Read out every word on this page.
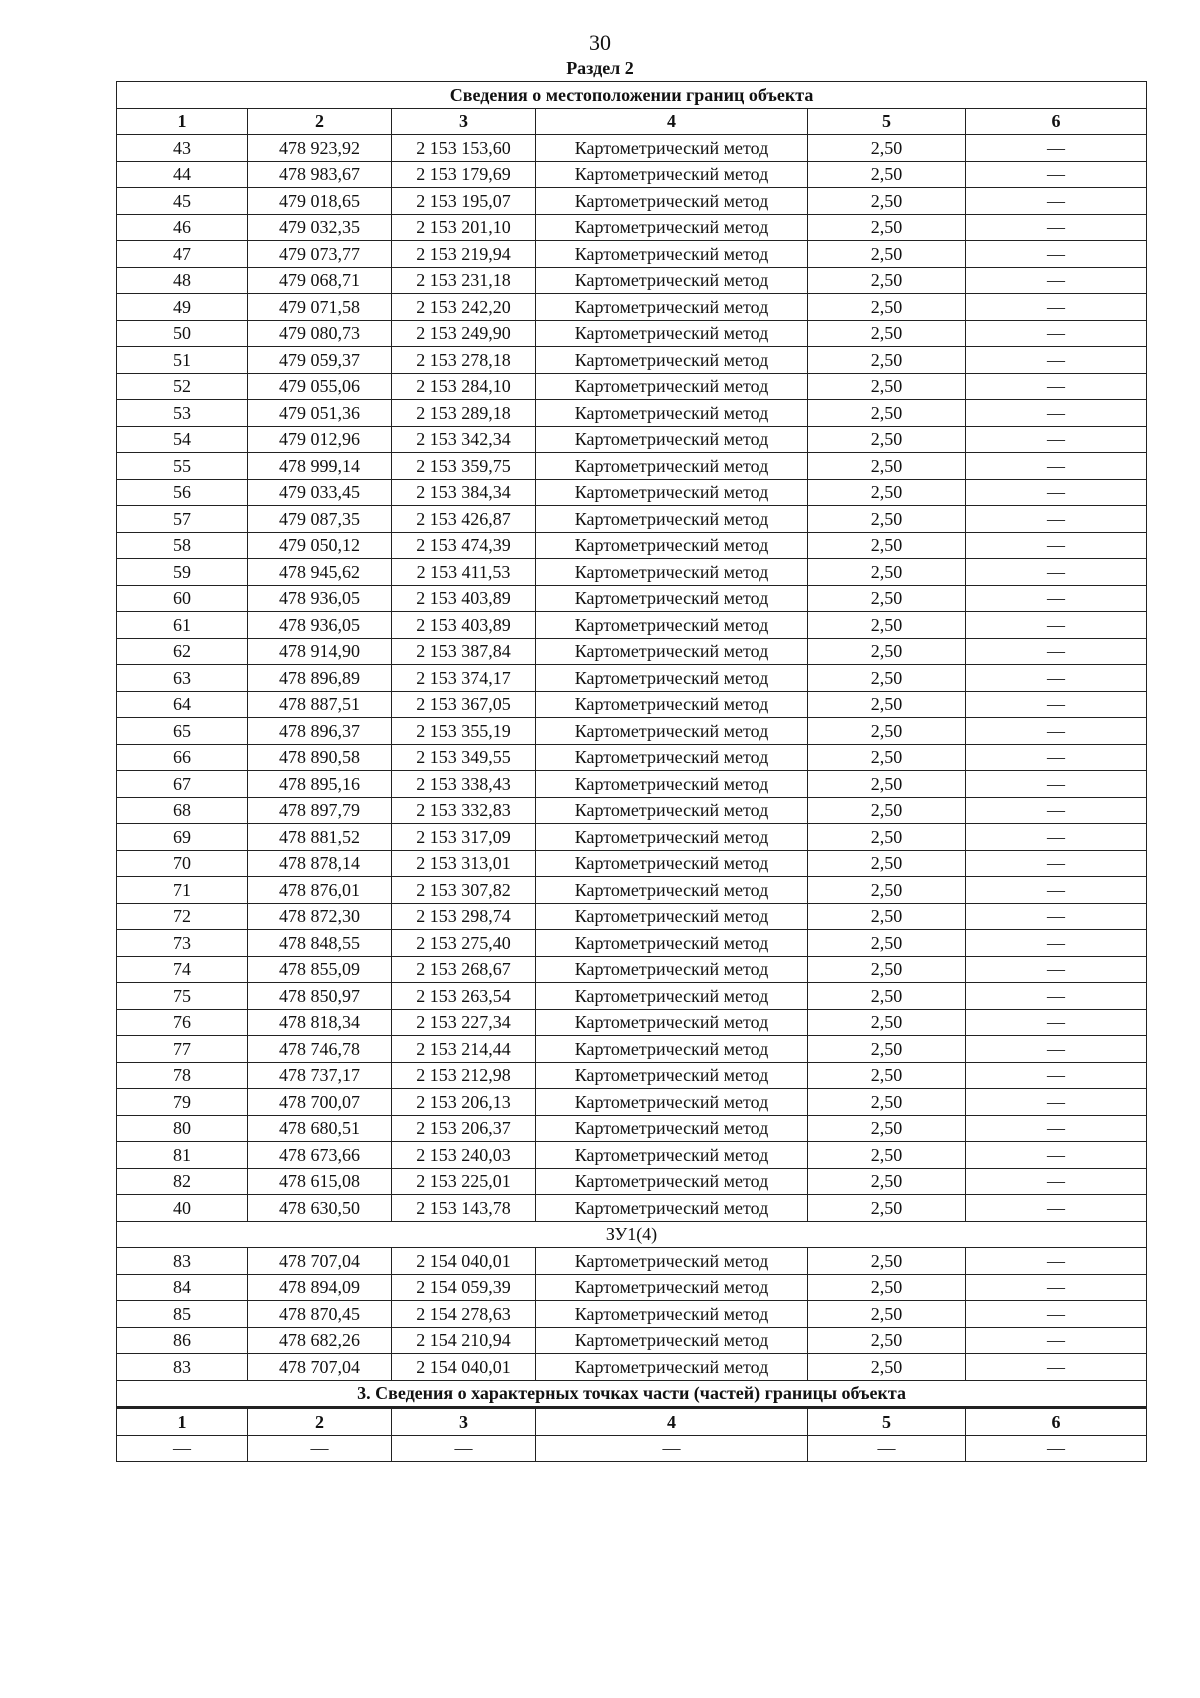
30
Раздел 2
Сведения о местоположении границ объекта					
1	2	3	4	5	6
43	478 923,92	2 153 153,60	Картометрический метод	2,50	—
44	478 983,67	2 153 179,69	Картометрический метод	2,50	—
45	479 018,65	2 153 195,07	Картометрический метод	2,50	—
46	479 032,35	2 153 201,10	Картометрический метод	2,50	—
47	479 073,77	2 153 219,94	Картометрический метод	2,50	—
48	479 068,71	2 153 231,18	Картометрический метод	2,50	—
49	479 071,58	2 153 242,20	Картометрический метод	2,50	—
50	479 080,73	2 153 249,90	Картометрический метод	2,50	—
51	479 059,37	2 153 278,18	Картометрический метод	2,50	—
52	479 055,06	2 153 284,10	Картометрический метод	2,50	—
53	479 051,36	2 153 289,18	Картометрический метод	2,50	—
54	479 012,96	2 153 342,34	Картометрический метод	2,50	—
55	478 999,14	2 153 359,75	Картометрический метод	2,50	—
56	479 033,45	2 153 384,34	Картометрический метод	2,50	—
57	479 087,35	2 153 426,87	Картометрический метод	2,50	—
58	479 050,12	2 153 474,39	Картометрический метод	2,50	—
59	478 945,62	2 153 411,53	Картометрический метод	2,50	—
60	478 936,05	2 153 403,89	Картометрический метод	2,50	—
61	478 936,05	2 153 403,89	Картометрический метод	2,50	—
62	478 914,90	2 153 387,84	Картометрический метод	2,50	—
63	478 896,89	2 153 374,17	Картометрический метод	2,50	—
64	478 887,51	2 153 367,05	Картометрический метод	2,50	—
65	478 896,37	2 153 355,19	Картометрический метод	2,50	—
66	478 890,58	2 153 349,55	Картометрический метод	2,50	—
67	478 895,16	2 153 338,43	Картометрический метод	2,50	—
68	478 897,79	2 153 332,83	Картометрический метод	2,50	—
69	478 881,52	2 153 317,09	Картометрический метод	2,50	—
70	478 878,14	2 153 313,01	Картометрический метод	2,50	—
71	478 876,01	2 153 307,82	Картометрический метод	2,50	—
72	478 872,30	2 153 298,74	Картометрический метод	2,50	—
73	478 848,55	2 153 275,40	Картометрический метод	2,50	—
74	478 855,09	2 153 268,67	Картометрический метод	2,50	—
75	478 850,97	2 153 263,54	Картометрический метод	2,50	—
76	478 818,34	2 153 227,34	Картометрический метод	2,50	—
77	478 746,78	2 153 214,44	Картометрический метод	2,50	—
78	478 737,17	2 153 212,98	Картометрический метод	2,50	—
79	478 700,07	2 153 206,13	Картометрический метод	2,50	—
80	478 680,51	2 153 206,37	Картометрический метод	2,50	—
81	478 673,66	2 153 240,03	Картометрический метод	2,50	—
82	478 615,08	2 153 225,01	Картометрический метод	2,50	—
40	478 630,50	2 153 143,78	Картометрический метод	2,50	—
ЗУ1(4)					
83	478 707,04	2 154 040,01	Картометрический метод	2,50	—
84	478 894,09	2 154 059,39	Картометрический метод	2,50	—
85	478 870,45	2 154 278,63	Картометрический метод	2,50	—
86	478 682,26	2 154 210,94	Картометрический метод	2,50	—
83	478 707,04	2 154 040,01	Картометрический метод	2,50	—
3. Сведения о характерных точках части (частей) границы объекта					
1	2	3	4	5	6
—	—	—	—	—	—
